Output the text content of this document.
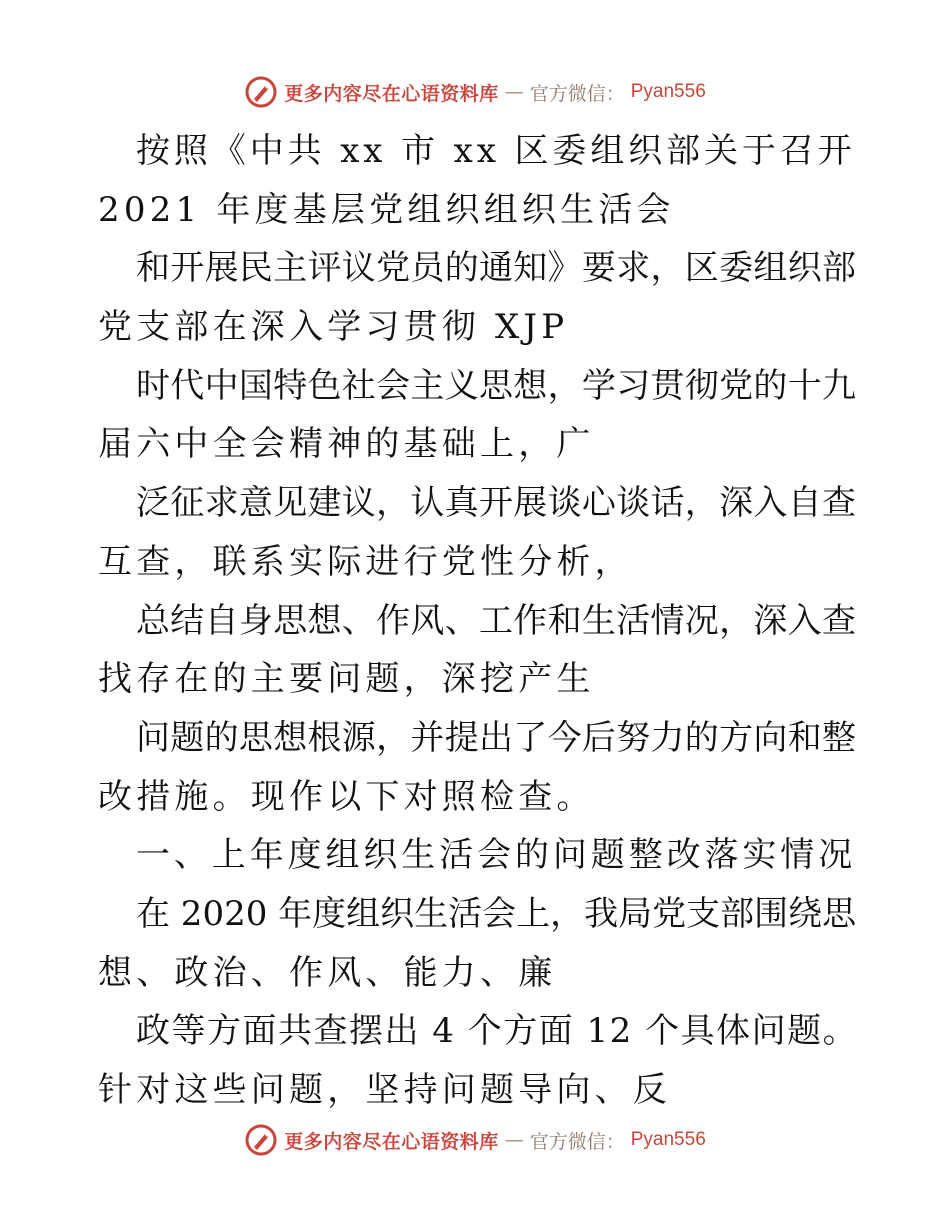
更多内容尽在心语资料库 — 官方微信： Pyan556
按照《中共 xx 市 xx 区委组织部关于召开
2021 年度基层党组织组织生活会
和开展民主评议党员的通知》要求，区委组织部
党支部在深入学习贯彻 XJP
时代中国特色社会主义思想，学习贯彻党的十九
届六中全会精神的基础上，广
泛征求意见建议，认真开展谈心谈话，深入自查
互查，联系实际进行党性分析，
总结自身思想、作风、工作和生活情况，深入查
找存在的主要问题，深挖产生
问题的思想根源，并提出了今后努力的方向和整
改措施。现作以下对照检查。
一、上年度组织生活会的问题整改落实情况
在 2020 年度组织生活会上，我局党支部围绕思
想、政治、作风、能力、廉
政等方面共查摆出 4 个方面 12 个具体问题。
针对这些问题，坚持问题导向、反
更多内容尽在心语资料库 — 官方微信： Pyan556
